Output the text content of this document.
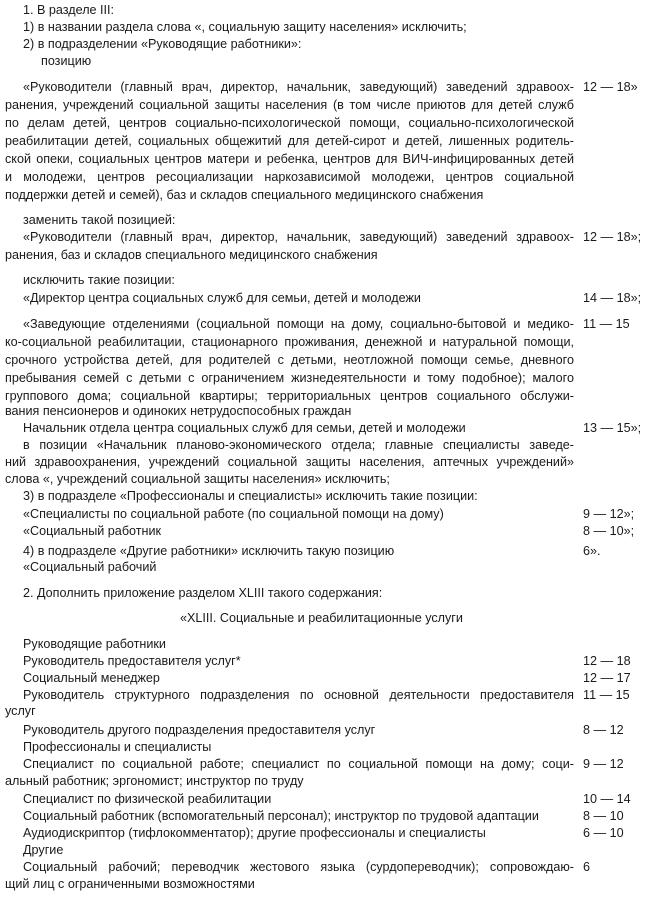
1. В разделе III:
1) в названии раздела слова «, социальную защиту населения» исключить;
2) в подразделении «Руководящие работники»:
позицию
«Руководители (главный врач, директор, начальник, заведующий) заведений здравоох- 12 — 18»
ранения, учреждений социальной защиты населения (в том числе приютов для детей служб
по делам детей, центров социально-психологической помощи, социально-психологической
реабилитации детей, социальных общежитий для детей-сирот и детей, лишенных родитель-
ской опеки, социальных центров матери и ребенка, центров для ВИЧ-инфицированных детей
и молодежи, центров ресоциализации наркозависимой молодежи, центров социальной
поддержки детей и семей), баз и складов специального медицинского снабжения
заменить такой позицией:
«Руководители (главный врач, директор, начальник, заведующий) заведений здравоох- 12 — 18»;
ранения, баз и складов специального медицинского снабжения
исключить такие позиции:
«Директор центра социальных служб для семьи, детей и молодежи	14 — 18»;
«Заведующие отделениями (социальной помощи на дому, социально-бытовой и медико- 11 — 15
ко-социальной реабилитации, стационарного проживания, денежной и натуральной помощи,
срочного устройства детей, для родителей с детьми, неотложной помощи семье, дневного
пребывания семей с детьми с ограничением жизнедеятельности и тому подобное); малого
группового дома; социальной квартиры; территориальных центров социального обслужи-
вания пенсионеров и одиноких нетрудоспособных граждан
Начальник отдела центра социальных служб для семьи, детей и молодежи	13 — 15»;
в позиции «Начальник планово-экономического отдела; главные специалисты заведе-
ний здравоохранения, учреждений социальной защиты населения, аптечных учреждений»
слова «, учреждений социальной защиты населения» исключить;
3) в подразделе «Профессионалы и специалисты» исключить такие позиции:
«Специалисты по социальной работе (по социальной помощи на дому)	9 — 12»;
«Социальный работник	8 — 10»;
4) в подразделе «Другие работники» исключить такую позицию	6».
«Социальный рабочий
2. Дополнить приложение разделом XLIII такого содержания:
«XLIII. Социальные и реабилитационные услуги
Руководящие работники
Руководитель предоставителя услуг*	12 — 18
Социальный менеджер	12 — 17
Руководитель структурного подразделения по основной деятельности предоставителя 11 — 15
услуг
Руководитель другого подразделения предоставителя услуг	8 — 12
Профессионалы и специалисты
Специалист по социальной работе; специалист по социальной помощи на дому; соци- 9 — 12
альный работник; эргономист; инструктор по труду
Специалист по физической реабилитации	10 — 14
Социальный работник (вспомогательный персонал); инструктор по трудовой адаптации	8 — 10
Аудиодискриптор (тифлокомментатор); другие профессионалы и специалисты	6 — 10
Другие
Социальный рабочий; переводчик жестового языка (сурдопереводчик); сопровождаю- 6
щий лиц с ограниченными возможностями
